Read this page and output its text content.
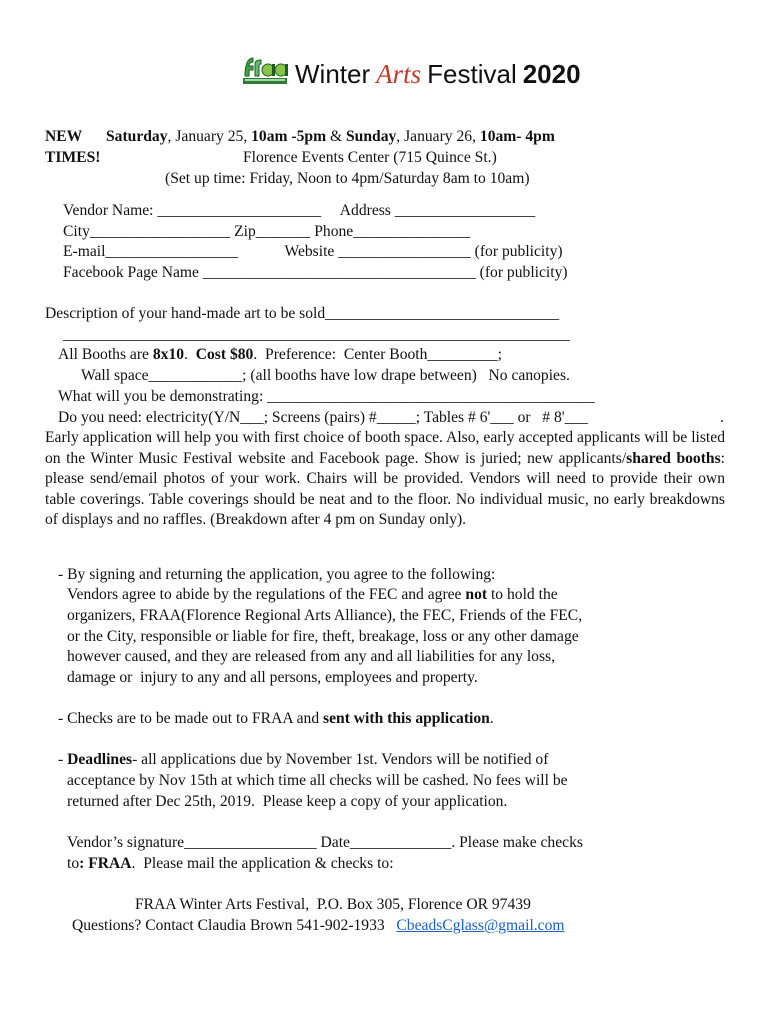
Winter Arts Festival 2020
NEW Saturday, January 25, 10am -5pm & Sunday, January 26, 10am- 4pm
TIMES!	Florence Events Center (715 Quince St.)
(Set up time: Friday, Noon to 4pm/Saturday 8am to 10am)
Vendor Name: _____________________     Address __________________
City__________________ Zip_______ Phone_______________
E-mail_________________            Website _________________ (for publicity)
Facebook Page Name ___________________________________ (for publicity)
Description of your hand-made art to be sold______________________________
_________________________________________________________________
All Booths are 8x10.  Cost $80.  Preference:  Center Booth_________;
Wall space____________; (all booths have low drape between)   No canopies.
What will you be demonstrating: __________________________________________
Do you need: electricity(Y/N___; Screens (pairs) #_____; Tables # 6'___ or   # 8'___	.
Early application will help you with first choice of booth space. Also, early accepted applicants will be listed on the Winter Music Festival website and Facebook page. Show is juried; new applicants/shared booths: please send/email photos of your work. Chairs will be provided. Vendors will need to provide their own table coverings. Table coverings should be neat and to the floor. No individual music, no early breakdowns of displays and no raffles. (Breakdown after 4 pm on Sunday only).
- By signing and returning the application, you agree to the following:
Vendors agree to abide by the regulations of the FEC and agree not to hold the
organizers, FRAA(Florence Regional Arts Alliance), the FEC, Friends of the FEC,
or the City, responsible or liable for fire, theft, breakage, loss or any other damage
however caused, and they are released from any and all liabilities for any loss,
damage or  injury to any and all persons, employees and property.
- Checks are to be made out to FRAA and sent with this application.
- Deadlines- all applications due by November 1st. Vendors will be notified of
acceptance by Nov 15th at which time all checks will be cashed. No fees will be
returned after Dec 25th, 2019.  Please keep a copy of your application.
Vendor’s signature_________________ Date_____________. Please make checks
to: FRAA.  Please mail the application & checks to:
FRAA Winter Arts Festival,  P.O. Box 305, Florence OR 97439
Questions? Contact Claudia Brown 541-902-1933   CbeadsCglass@gmail.com
